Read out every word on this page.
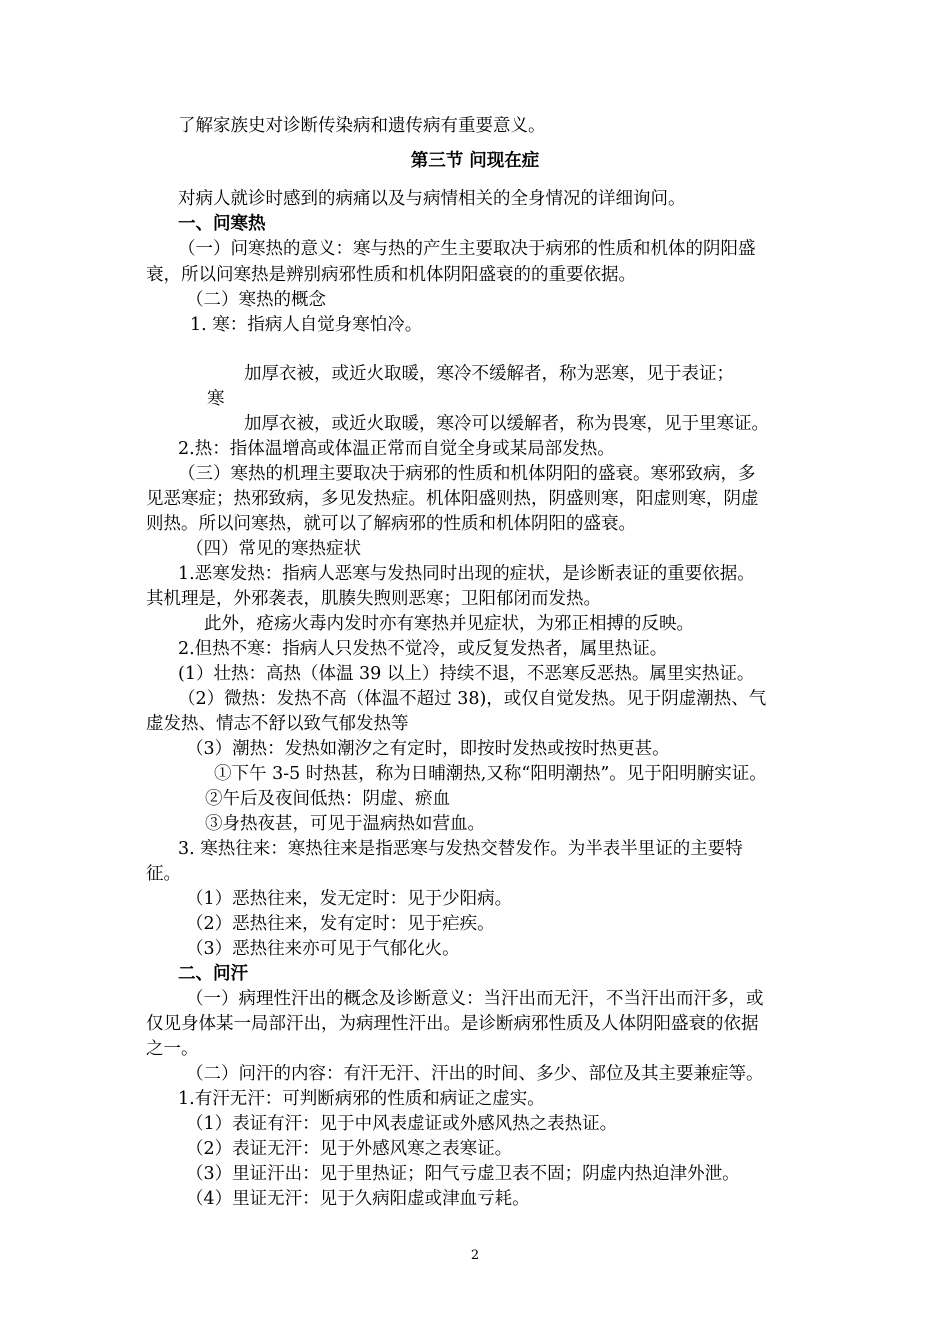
了解家族史对诊断传染病和遗传病有重要意义。
第三节 问现在症
对病人就诊时感到的病痛以及与病情相关的全身情况的详细询问。
一、问寒热
（一）问寒热的意义：寒与热的产生主要取决于病邪的性质和机体的阴阳盛
衰，所以问寒热是辨别病邪性质和机体阴阳盛衰的的重要依据。
（二）寒热的概念
1. 寒：指病人自觉身寒怕冷。
加厚衣被，或近火取暖，寒冷不缓解者，称为恶寒，见于表证；
寒
加厚衣被，或近火取暖，寒冷可以缓解者，称为畏寒，见于里寒证。
2.热：指体温增高或体温正常而自觉全身或某局部发热。
（三）寒热的机理主要取决于病邪的性质和机体阴阳的盛衰。寒邪致病，多
见恶寒症；热邪致病，多见发热症。机体阳盛则热，阴盛则寒，阳虚则寒，阴虚
则热。所以问寒热，就可以了解病邪的性质和机体阴阳的盛衰。
（四）常见的寒热症状
1.恶寒发热：指病人恶寒与发热同时出现的症状，是诊断表证的重要依据。
其机理是，外邪袭表，肌腠失煦则恶寒；卫阳郁闭而发热。
此外，疮疡火毒内发时亦有寒热并见症状，为邪正相搏的反映。
2.但热不寒：指病人只发热不觉冷，或反复发热者，属里热证。
(1）壮热：高热（体温 39 以上）持续不退，不恶寒反恶热。属里实热证。
（2）微热：发热不高（体温不超过 38)，或仅自觉发热。见于阴虚潮热、气
虚发热、情志不舒以致气郁发热等
（3）潮热：发热如潮汐之有定时，即按时发热或按时热更甚。
①下午 3-5 时热甚，称为日晡潮热,又称“阳明潮热”。见于阳明腑实证。
②午后及夜间低热：阴虚、瘀血
③身热夜甚，可见于温病热如营血。
3. 寒热往来：寒热往来是指恶寒与发热交替发作。为半表半里证的主要特
征。
（1）恶热往来，发无定时：见于少阳病。
（2）恶热往来，发有定时：见于疟疾。
（3）恶热往来亦可见于气郁化火。
二、问汗
（一）病理性汗出的概念及诊断意义：当汗出而无汗，不当汗出而汗多，或
仅见身体某一局部汗出，为病理性汗出。是诊断病邪性质及人体阴阳盛衰的依据
之一。
（二）问汗的内容：有汗无汗、汗出的时间、多少、部位及其主要兼症等。
1.有汗无汗：可判断病邪的性质和病证之虚实。
（1）表证有汗：见于中风表虚证或外感风热之表热证。
（2）表证无汗：见于外感风寒之表寒证。
（3）里证汗出：见于里热证；阳气亏虚卫表不固；阴虚内热迫津外泄。
（4）里证无汗：见于久病阳虚或津血亏耗。
2
